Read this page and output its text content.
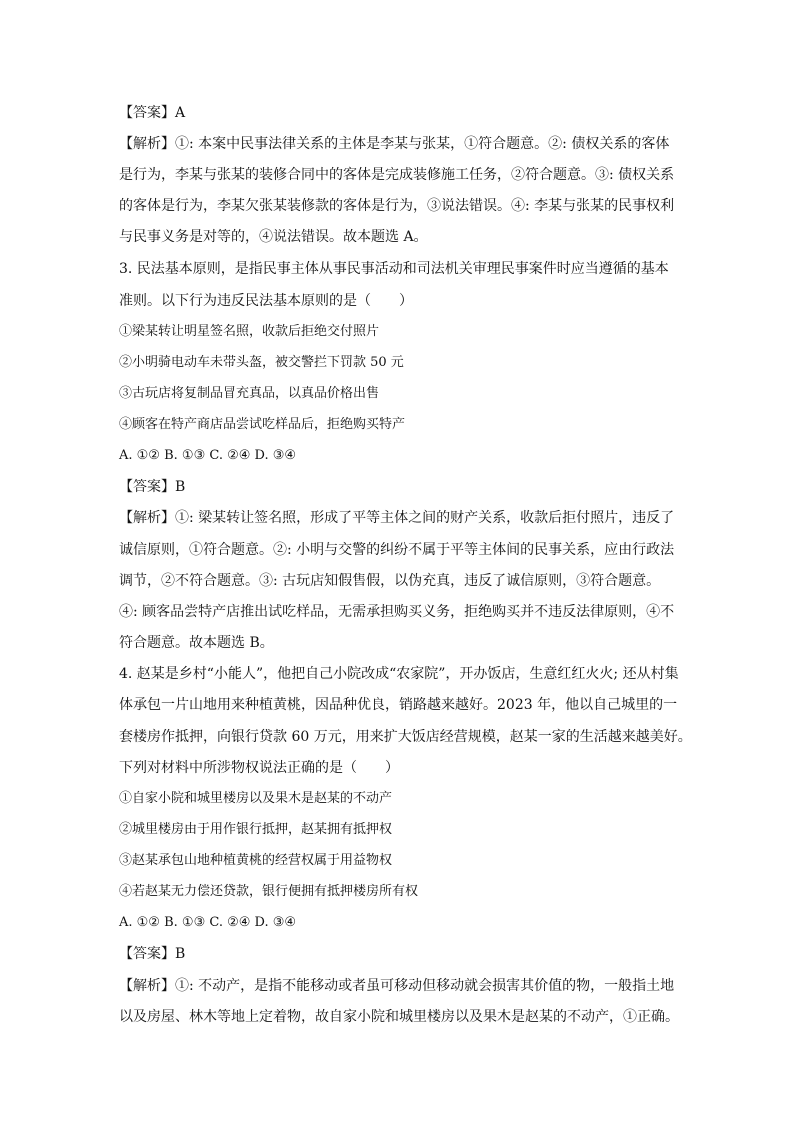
【答案】A
【解析】①: 本案中民事法律关系的主体是李某与张某，①符合题意。②: 债权关系的客体
是行为，李某与张某的装修合同中的客体是完成装修施工任务，②符合题意。③: 债权关系
的客体是行为，李某欠张某装修款的客体是行为，③说法错误。④: 李某与张某的民事权利
与民事义务是对等的，④说法错误。故本题选 A。
3. 民法基本原则，是指民事主体从事民事活动和司法机关审理民事案件时应当遵循的基本
准则。以下行为违反民法基本原则的是（　　）
①梁某转让明星签名照，收款后拒绝交付照片
②小明骑电动车未带头盔，被交警拦下罚款 50 元
③古玩店将复制品冒充真品，以真品价格出售
④顾客在特产商店品尝试吃样品后，拒绝购买特产
A. ①② B. ①③ C. ②④ D. ③④
【答案】B
【解析】①: 梁某转让签名照，形成了平等主体之间的财产关系，收款后拒付照片，违反了
诚信原则，①符合题意。②: 小明与交警的纠纷不属于平等主体间的民事关系，应由行政法
调节，②不符合题意。③: 古玩店知假售假，以伪充真，违反了诚信原则，③符合题意。
④: 顾客品尝特产店推出试吃样品，无需承担购买义务，拒绝购买并不违反法律原则，④不
符合题意。故本题选 B。
4. 赵某是乡村“小能人”，他把自己小院改成“农家院”，开办饭店，生意红红火火; 还从村集
体承包一片山地用来种植黄桃，因品种优良，销路越来越好。2023 年，他以自己城里的一
套楼房作抵押，向银行贷款 60 万元，用来扩大饭店经营规模，赵某一家的生活越来越美好。
下列对材料中所涉物权说法正确的是（　　）
①自家小院和城里楼房以及果木是赵某的不动产
②城里楼房由于用作银行抵押，赵某拥有抵押权
③赵某承包山地种植黄桃的经营权属于用益物权
④若赵某无力偿还贷款，银行便拥有抵押楼房所有权
A. ①② B. ①③ C. ②④ D. ③④
【答案】B
【解析】①: 不动产，是指不能移动或者虽可移动但移动就会损害其价值的物，一般指土地
以及房屋、林木等地上定着物，故自家小院和城里楼房以及果木是赵某的不动产，①正确。
